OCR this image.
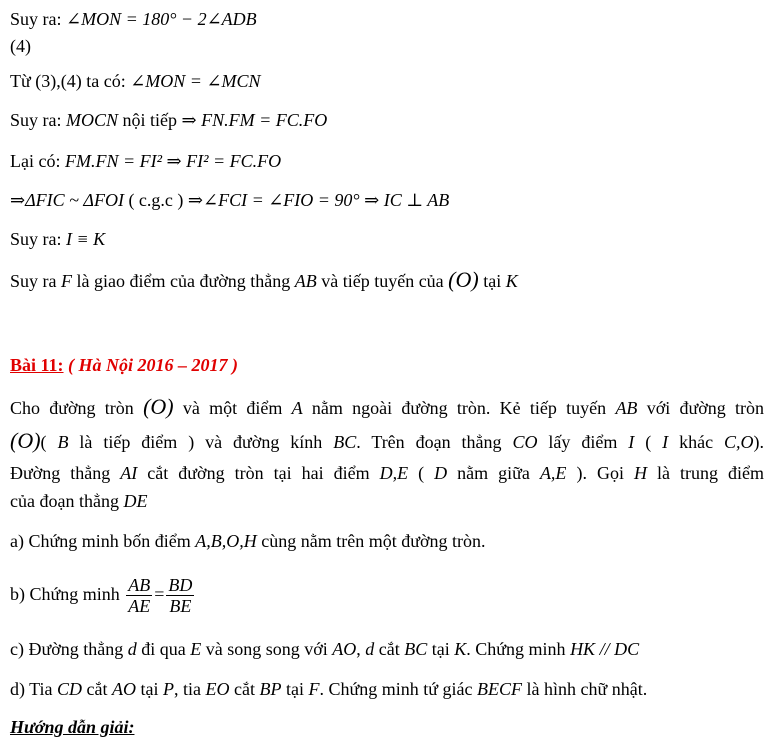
Suy ra: ∠MON = 180° − 2∠ADB
(4)
Từ (3),(4) ta có: ∠MON = ∠MCN
Suy ra: MOCN nội tiếp ⇒ FN.FM = FC.FO
Lại có: FM.FN = FI² ⇒ FI² = FC.FO
⇒ΔFIC ~ ΔFOI ( c.g.c ) ⇒∠FCI = ∠FIO = 90° ⇒ IC ⊥ AB
Suy ra: I ≡ K
Suy ra F là giao điểm của đường thẳng AB và tiếp tuyến của (O) tại K
Bài 11: ( Hà Nội 2016 – 2017 )
Cho đường tròn (O) và một điểm A nằm ngoài đường tròn. Kẻ tiếp tuyến AB với đường tròn
(O)( B là tiếp điểm ) và đường kính BC. Trên đoạn thẳng CO lấy điểm I ( I khác C,O).
Đường thẳng AI cắt đường tròn tại hai điểm D,E ( D nằm giữa A,E ). Gọi H là trung điểm
của đoạn thẳng DE
a) Chứng minh bốn điểm A,B,O,H cùng nằm trên một đường tròn.
b) Chứng minh $\frac{AB}{AE} = \frac{BD}{BE}$
c) Đường thẳng d đi qua E và song song với AO, d cắt BC tại K. Chứng minh HK // DC
d) Tia CD cắt AO tại P, tia EO cắt BP tại F. Chứng minh tứ giác BECF là hình chữ nhật.
Hướng dẫn giải:
